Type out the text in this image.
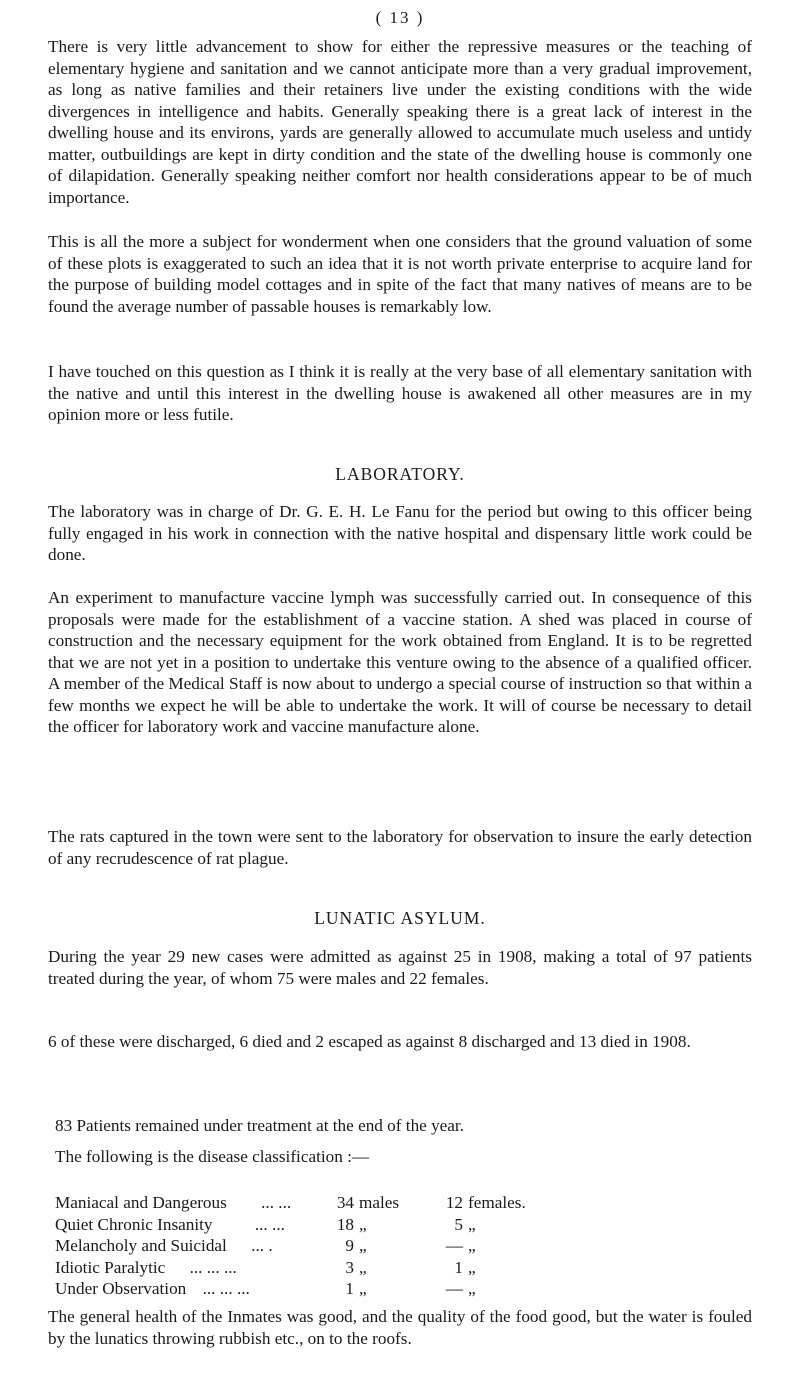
( 13 )

There is very little advancement to show for either the repressive measures or the teaching of elementary hygiene and sanitation and we cannot anticipate more than a very gradual improvement, as long as native families and their retainers live under the existing conditions with the wide divergences in intelligence and habits. Generally speaking there is a great lack of interest in the dwelling house and its environs, yards are generally allowed to accumulate much useless and untidy matter, outbuildings are kept in dirty condition and the state of the dwelling house is commonly one of dilapidation. Generally speaking neither comfort nor health considerations appear to be of much importance.

This is all the more a subject for wonderment when one considers that the ground valuation of some of these plots is exaggerated to such an idea that it is not worth private enterprise to acquire land for the purpose of building model cottages and in spite of the fact that many natives of means are to be found the average number of passable houses is remarkably low.

I have touched on this question as I think it is really at the very base of all elementary sanitation with the native and until this interest in the dwelling house is awakened all other measures are in my opinion more or less futile.

LABORATORY.

The laboratory was in charge of Dr. G. E. H. Le Fanu for the period but owing to this officer being fully engaged in his work in connection with the native hospital and dispensary little work could be done.

An experiment to manufacture vaccine lymph was successfully carried out. In consequence of this proposals were made for the establishment of a vaccine station. A shed was placed in course of construction and the necessary equipment for the work obtained from England. It is to be regretted that we are not yet in a position to undertake this venture owing to the absence of a qualified officer. A member of the Medical Staff is now about to undergo a special course of instruction so that within a few months we expect he will be able to undertake the work. It will of course be necessary to detail the officer for laboratory work and vaccine manufacture alone.

The rats captured in the town were sent to the laboratory for observation to insure the early detection of any recrudescence of rat plague.

LUNATIC ASYLUM.

During the year 29 new cases were admitted as against 25 in 1908, making a total of 97 patients treated during the year, of whom 75 were males and 22 females.

6 of these were discharged, 6 died and 2 escaped as against 8 discharged and 13 died in 1908.

83 Patients remained under treatment at the end of the year.

The following is the disease classification :—

Maniacal and Dangerous ... ...	34	males	12	females.
Quiet Chronic Insanity ... ...	18	„	5	„
Melancholy and Suicidal ... .	9	„	—	„
Idiotic Paralytic ... ... ...	3	„	1	„
Under Observation ... ... ...	1	„	—	„

The general health of the Inmates was good, and the quality of the food good, but the water is fouled by the lunatics throwing rubbish etc., on to the roofs.
